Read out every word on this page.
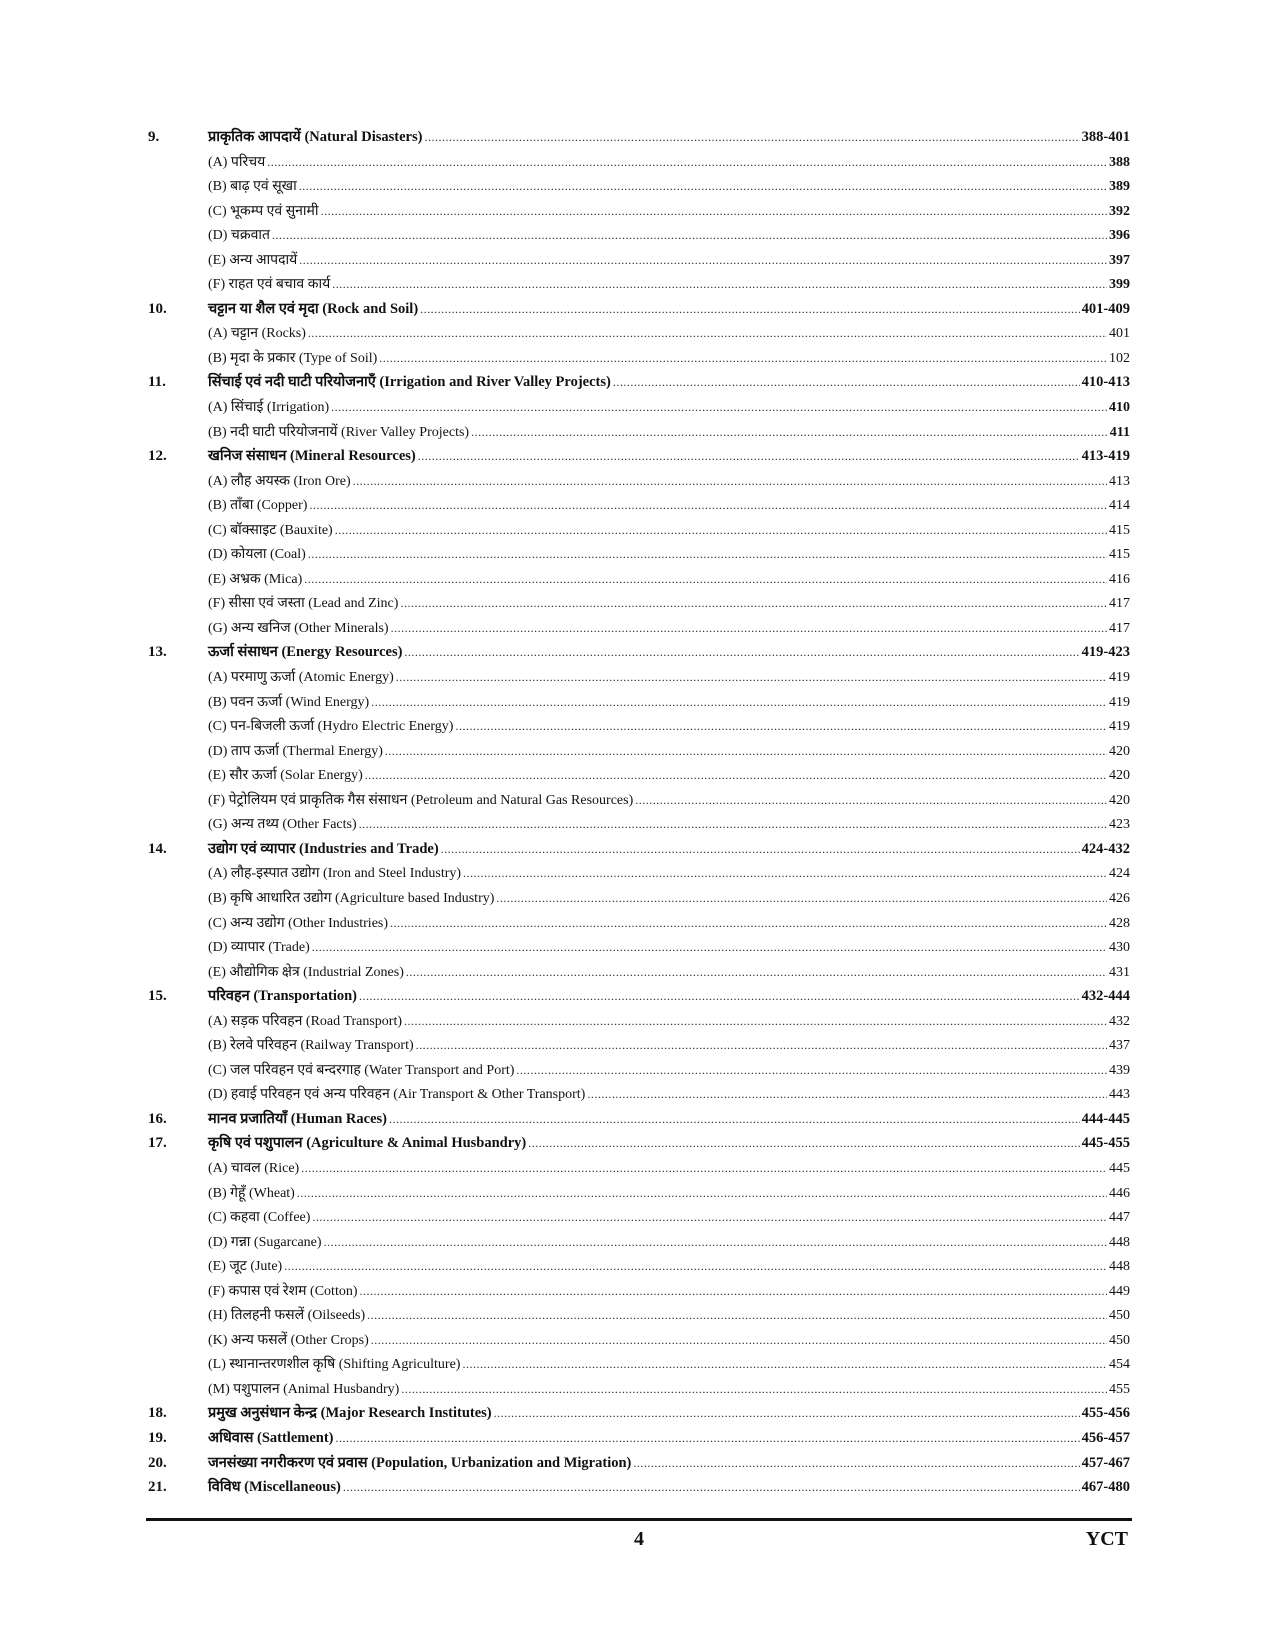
9.	प्राकृतिक आपदायें (Natural Disasters) .....	388-401
(A) परिचय .....	388
(B) बाढ़ एवं सूखा .....	389
(C) भूकम्प एवं सुनामी .....	392
(D) चक्रवात .....	396
(E) अन्य आपदायें .....	397
(F) राहत एवं बचाव कार्य .....	399
10.	चट्टान या शैल एवं मृदा (Rock and Soil) .....	401-409
(A) चट्टान (Rocks) .....	401
(B) मृदा के प्रकार (Type of Soil) .....	102
11.	सिंचाई एवं नदी घाटी परियोजनाएँ (Irrigation and River Valley Projects) .....	410-413
(A) सिंचाई (Irrigation) .....	410
(B) नदी घाटी परियोजनायें (River Valley Projects) .....	411
12.	खनिज संसाधन (Mineral Resources) .....	413-419
(A) लौह अयस्क (Iron Ore) .....	413
(B) ताँबा (Copper) .....	414
(C) बॉक्साइट (Bauxite) .....	415
(D) कोयला (Coal) .....	415
(E) अभ्रक (Mica) .....	416
(F) सीसा एवं जस्ता (Lead and Zinc) .....	417
(G) अन्य खनिज (Other Minerals) .....	417
13.	ऊर्जा संसाधन (Energy Resources) .....	419-423
(A) परमाणु ऊर्जा (Atomic Energy) .....	419
(B) पवन ऊर्जा (Wind Energy) .....	419
(C) पन-बिजली ऊर्जा (Hydro Electric Energy) .....	419
(D) ताप ऊर्जा (Thermal Energy) .....	420
(E) सौर ऊर्जा (Solar Energy) .....	420
(F) पेट्रोलियम एवं प्राकृतिक गैस संसाधन (Petroleum and Natural Gas Resources) .....	420
(G) अन्य तथ्य (Other Facts) .....	423
14.	उद्योग एवं व्यापार (Industries and Trade) .....	424-432
(A) लौह-इस्पात उद्योग (Iron and Steel Industry) .....	424
(B) कृषि आधारित उद्योग (Agriculture based Industry) .....	426
(C) अन्य उद्योग (Other Industries) .....	428
(D) व्यापार (Trade) .....	430
(E) औद्योगिक क्षेत्र (Industrial Zones) .....	431
15.	परिवहन (Transportation) .....	432-444
(A) सड़क परिवहन (Road Transport) .....	432
(B) रेलवे परिवहन (Railway Transport) .....	437
(C) जल परिवहन एवं बन्दरगाह (Water Transport and Port) .....	439
(D) हवाई परिवहन एवं अन्य परिवहन (Air Transport & Other Transport) .....	443
16.	मानव प्रजातियाँ (Human Races) .....	444-445
17.	कृषि एवं पशुपालन (Agriculture & Animal Husbandry) .....	445-455
(A) चावल (Rice) .....	445
(B) गेहूँ (Wheat) .....	446
(C) कहवा (Coffee) .....	447
(D) गन्ना (Sugarcane) .....	448
(E) जूट (Jute) .....	448
(F) कपास एवं रेशम (Cotton) .....	449
(H) तिलहनी फसलें (Oilseeds) .....	450
(K) अन्य फसलें (Other Crops) .....	450
(L) स्थानान्तरणशील कृषि (Shifting Agriculture) .....	454
(M) पशुपालन (Animal Husbandry) .....	455
18.	प्रमुख अनुसंधान केन्द्र (Major Research Institutes) .....	455-456
19.	अधिवास (Sattlement) .....	456-457
20.	जनसंख्या नगरीकरण एवं प्रवास (Population, Urbanization and Migration) .....	457-467
21.	विविध (Miscellaneous) .....	467-480
4	YCT
